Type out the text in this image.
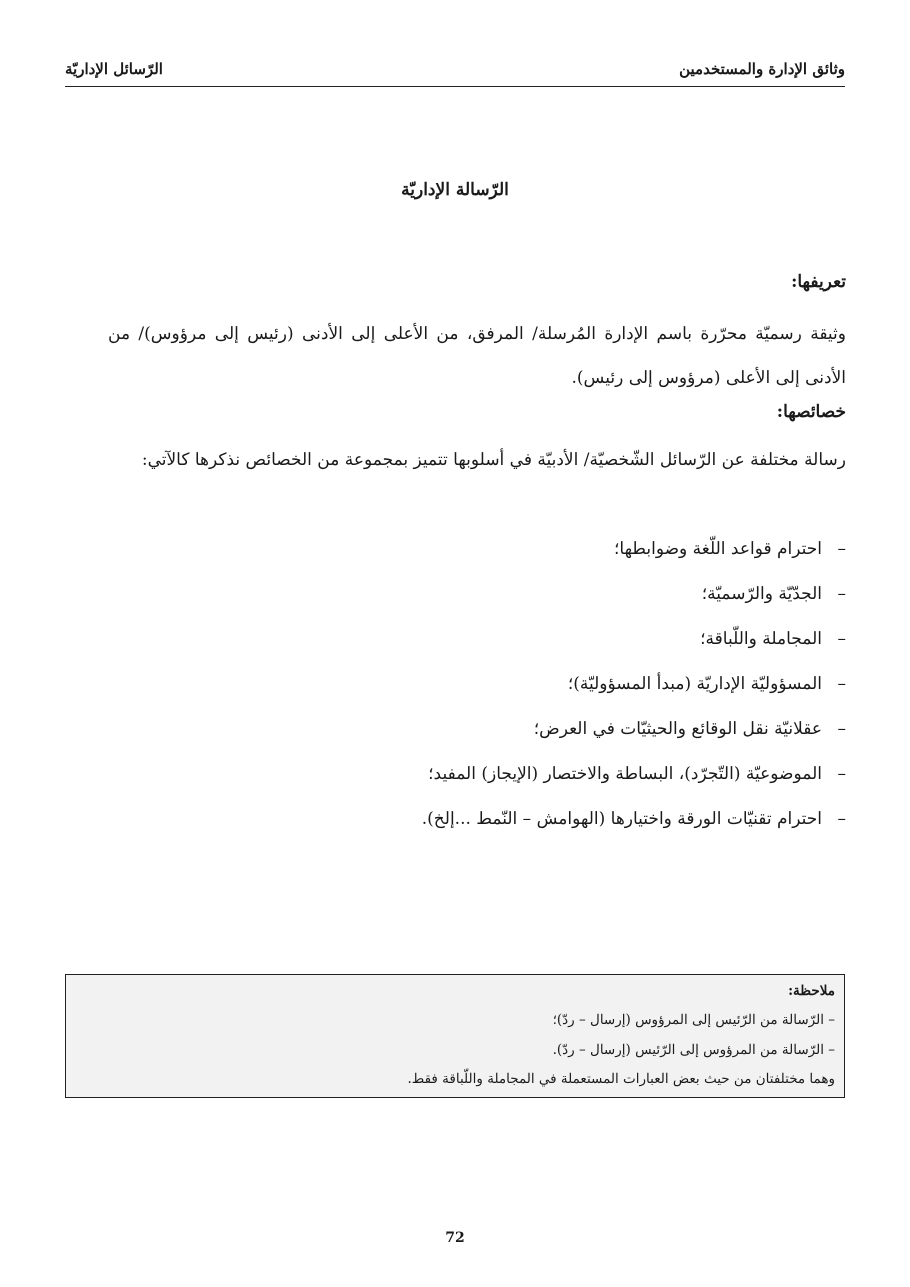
وثائق الإدارة والمستخدمين
الرّسائل الإداريّة
الرّسالة الإداريّة
تعريفها:
وثيقة رسميّة محرّرة باسم الإدارة المُرسلة/ المرفق، من الأعلى إلى الأدنى (رئيس إلى مرؤوس)/ من الأدنى إلى الأعلى (مرؤوس إلى رئيس).
خصائصها:
رسالة مختلفة عن الرّسائل الشّخصيّة/ الأدبيّة في أسلوبها تتميز بمجموعة من الخصائص نذكرها كالآتي:
–احترام قواعد اللّغة وضوابطها؛
–الجدّيّة والرّسميّة؛
–المجاملة واللّباقة؛
–المسؤوليّة الإداريّة (مبدأ المسؤوليّة)؛
–عقلانيّة نقل الوقائع والحيثيّات في العرض؛
–الموضوعيّة (التّجرّد)، البساطة والاختصار (الإيجاز) المفيد؛
–احترام تقنيّات الورقة واختيارها (الهوامش – النّمط ...إلخ).
ملاحظة:
– الرّسالة من الرّئيس إلى المرؤوس (إرسال – ردّ)؛
– الرّسالة من المرؤوس إلى الرّئيس (إرسال – ردّ).
وهما مختلفتان من حيث بعض العبارات المستعملة في المجاملة واللّباقة فقط.
72
